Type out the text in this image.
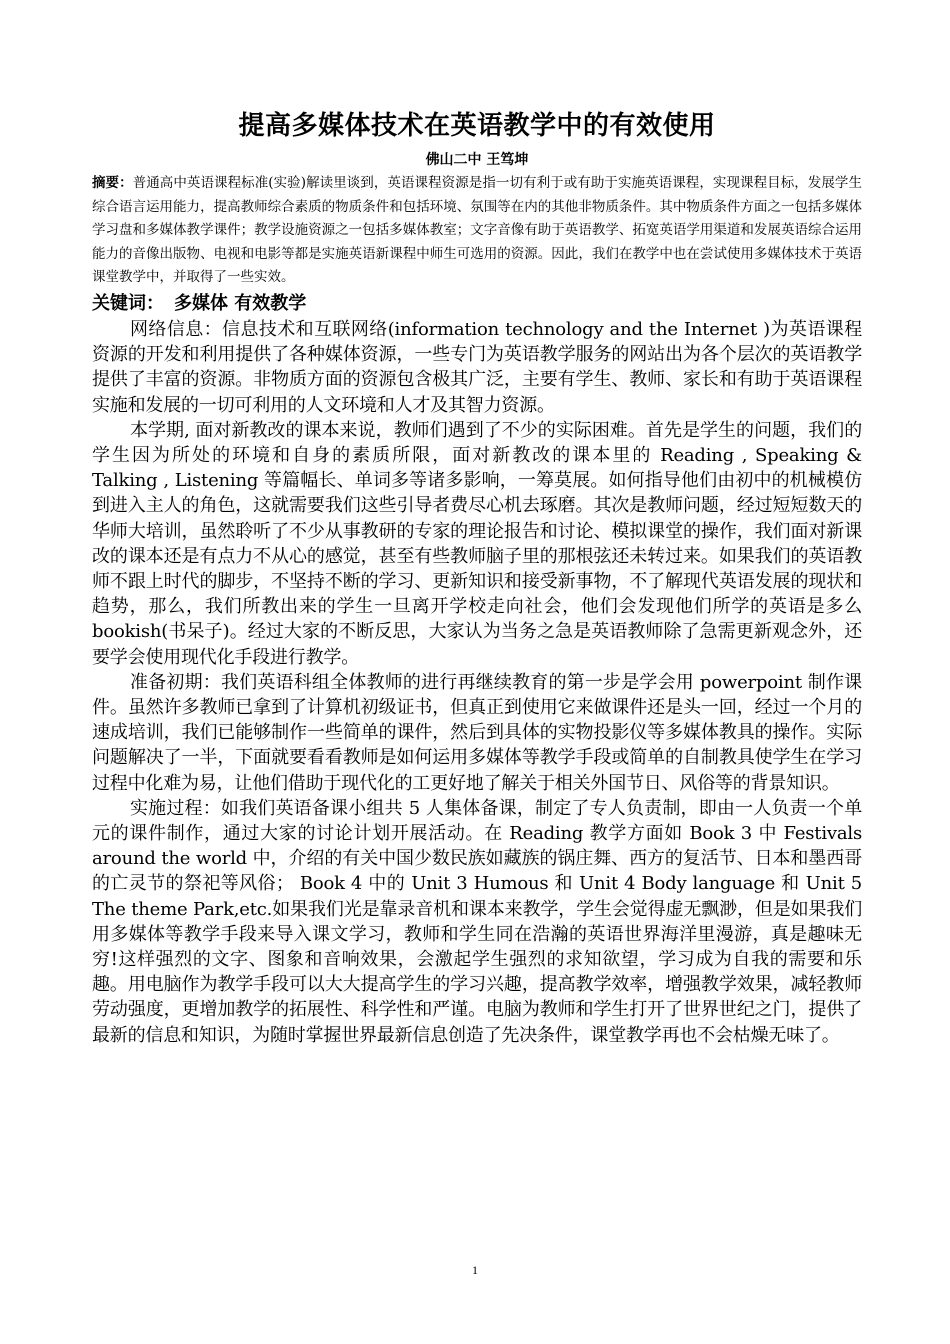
提高多媒体技术在英语教学中的有效使用

佛山二中 王笃坤

摘要：普通高中英语课程标准(实验)解读里谈到，英语课程资源是指一切有利于或有助于实施英语课程，实现课程目标，发展学生综合语言运用能力，提高教师综合素质的物质条件和包括环境、氛围等在内的其他非物质条件。其中物质条件方面之一包括多媒体学习盘和多媒体教学课件；教学设施资源之一包括多媒体教室；文字音像有助于英语教学、拓宽英语学用渠道和发展英语综合运用能力的音像出版物、电视和电影等都是实施英语新课程中师生可选用的资源。因此，我们在教学中也在尝试使用多媒体技术于英语课堂教学中，并取得了一些实效。

关键词： 多媒体 有效教学

网络信息：信息技术和互联网络(information technology and the Internet )为英语课程资源的开发和利用提供了各种媒体资源，一些专门为英语教学服务的网站出为各个层次的英语教学提供了丰富的资源。非物质方面的资源包含极其广泛，主要有学生、教师、家长和有助于英语课程实施和发展的一切可利用的人文环境和人才及其智力资源。

本学期, 面对新教改的课本来说，教师们遇到了不少的实际困难。首先是学生的问题，我们的学生因为所处的环境和自身的素质所限，面对新教改的课本里的 Reading , Speaking & Talking , Listening 等篇幅长、单词多等诸多影响，一筹莫展。如何指导他们由初中的机械模仿到进入主人的角色，这就需要我们这些引导者费尽心机去琢磨。其次是教师问题，经过短短数天的华师大培训，虽然聆听了不少从事教研的专家的理论报告和讨论、模拟课堂的操作，我们面对新课改的课本还是有点力不从心的感觉，甚至有些教师脑子里的那根弦还未转过来。如果我们的英语教师不跟上时代的脚步，不坚持不断的学习、更新知识和接受新事物，不了解现代英语发展的现状和趋势，那么，我们所教出来的学生一旦离开学校走向社会，他们会发现他们所学的英语是多么 bookish(书呆子)。经过大家的不断反思，大家认为当务之急是英语教师除了急需更新观念外，还要学会使用现代化手段进行教学。

准备初期：我们英语科组全体教师的进行再继续教育的第一步是学会用 powerpoint 制作课件。虽然许多教师已拿到了计算机初级证书，但真正到使用它来做课件还是头一回，经过一个月的速成培训，我们已能够制作一些简单的课件，然后到具体的实物投影仪等多媒体教具的操作。实际问题解决了一半，下面就要看看教师是如何运用多媒体等教学手段或简单的自制教具使学生在学习过程中化难为易，让他们借助于现代化的工更好地了解关于相关外国节日、风俗等的背景知识。

实施过程：如我们英语备课小组共 5 人集体备课，制定了专人负责制，即由一人负责一个单元的课件制作，通过大家的讨论计划开展活动。在 Reading 教学方面如 Book 3 中 Festivals around the world 中，介绍的有关中国少数民族如藏族的锅庄舞、西方的复活节、日本和墨西哥的亡灵节的祭祀等风俗； Book 4 中的 Unit 3 Humous 和 Unit 4 Body language 和 Unit 5 The theme Park,etc.如果我们光是靠录音机和课本来教学，学生会觉得虚无飘渺，但是如果我们用多媒体等教学手段来导入课文学习，教师和学生同在浩瀚的英语世界海洋里漫游，真是趣味无穷!这样强烈的文字、图象和音响效果，会激起学生强烈的求知欲望，学习成为自我的需要和乐趣。用电脑作为教学手段可以大大提高学生的学习兴趣，提高教学效率，增强教学效果，减轻教师劳动强度，更增加教学的拓展性、科学性和严谨。电脑为教师和学生打开了世界世纪之门，提供了最新的信息和知识，为随时掌握世界最新信息创造了先决条件，课堂教学再也不会枯燥无味了。

1
